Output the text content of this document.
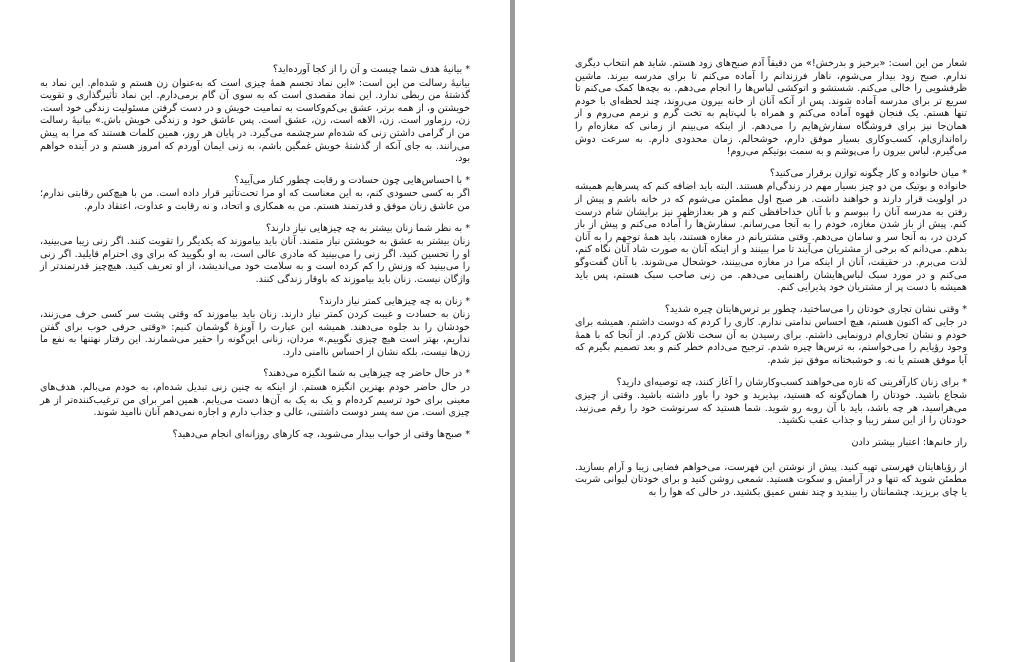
* بیانیهٔ هدف شما چیست و آن را از کجا آورده‌اید؟
بیانیهٔ رسالت من این است: «این نماد تجسم همهٔ چیزی است که به‌عنوان زن هستم و شده‌ام. این نماد به گذشتهٔ من ربطی ندارد. این نماد مقصدی است که به سوی آن گام برمی‌دارم. این نماد تأثیرگذاری و تقویت خویشتن و، از همه برتر، عشق بی‌کم‌وکاست به تمامیت خویش و در دست گرفتن مسئولیت زندگی خود است. زن، رزماور است. زن، الاهه است، زن، عشق است. پس عاشق خود و زندگی خویش باش.» بیانیهٔ رسالت من از گرامی داشتن زنی که شده‌ام سرچشمه می‌گیرد. در پایان هر روز، همین کلمات هستند که مرا به پیش می‌رانند. به جای آنکه از گذشتهٔ خویش غمگین باشم، به زنی ایمان آوردم که امروز هستم و در آینده خواهم بود.
* با احساس‌هایی چون حسادت و رقابت چطور کنار می‌آیید؟
اگر به کسی حسودی کنم، به این معناست که او مرا تحت‌تأثیر قرار داده است. من با هیچ‌کس رقابتی ندارم؛ من عاشق زنان موفق و قدرتمند هستم. من به همکاری و اتحاد، و نه رقابت و عداوت، اعتقاد دارم.
* به نظر شما زنان بیشتر به چه چیزهایی نیاز دارند؟
زنان بیشتر به عشق به خویشتن نیاز متمند. آنان باید بیاموزند که یکدیگر را تقویت کنند. اگر زنی زیبا می‌بینید، او را تحسین کنید. اگر زنی را می‌بینید که مادری عالی است، به او بگویید که برای وی احترام قایلید. اگر زنی را می‌بینید که وزنش را کم کرده است و به سلامت خود می‌اندیشد، از او تعریف کنید. هیچ‌چیز قدرتمندتر از واژگان نیست. زنان باید بیاموزند که باوقار زندگی کنند.
* زنان به چه چیزهایی کمتر نیاز دارند؟
زنان به حسادت و غیبت کردن کمتر نیاز دارند. زنان باید بیاموزند که وقتی پشت سر کسی حرف می‌زنند، خودشان را بد جلوه می‌دهند. همیشه این عبارت را آویزهٔ گوشمان کنیم: «وقتی حرفی خوب برای گفتن نداریم، بهتر است هیچ چیزی نگوییم.» مردان، زنانی این‌گونه را حقیر می‌شمارند. این رفتار نهتنها به نفع ما زن‌ها نیست، بلکه نشان از احساس ناامنی دارد.
* در حال حاضر چه چیزهایی به شما انگیزه می‌دهند؟
در حال حاضر خودم بهترین انگیزه هستم. از اینکه به چنین زنی تبدیل شده‌ام، به خودم می‌بالم. هدف‌های معینی برای خود ترسیم کرده‌ام و یک به یک به آن‌ها دست می‌یابم. همین امر برای من ترغیب‌کننده‌تر از هر چیزی است. من سه پسر دوست داشتنی، عالی و جذاب دارم و اجازه نمی‌دهم آنان ناامید شوند.
* صبح‌ها وقتی از خواب بیدار می‌شوید، چه کارهای روزانه‌ای انجام می‌دهید؟
شعار من این است: «برخیز و بدرخش!» من دقیقاً آدم صبح‌های زود هستم. شاید هم انتخاب دیگری ندارم. صبح زود بیدار می‌شوم، ناهار فرزندانم را آماده می‌کنم تا برای مدرسه بیرند. ماشین ظرفشویی را خالی می‌کنم. شستشو و اتوکشی لباس‌ها را انجام می‌دهم. به بچه‌ها کمک می‌کنم تا سریع تر برای مدرسه آماده شوند. پس از آنکه آنان از خانه بیرون می‌روند، چند لحظه‌ای با خودم تنها هستم. یک فنجان قهوه آماده می‌کنم و همراه با لپ‌تاپم به تخت گرم و نرمم می‌روم و از همان‌جا نیز برای فروشگاه سفارش‌هایم را می‌دهم. از اینکه می‌بینم از زمانی که مغازه‌ام را راه‌اندازی‌ام، کسب‌وکاری بسیار موفق دارم، خوشحالم. زمان محدودی دارم. به سرعت دوش می‌گیرم، لباس بیرون را می‌پوشم و به سمت بوتیکم می‌روم!
* میان خانواده و کار چگونه توازن برقرار می‌کنید؟
خانواده و بوتیک من دو چیز بسیار مهم در زندگی‌ام هستند. البته باید اضافه کنم که پسرهایم همیشه در اولویت قرار دارند و خواهند داشت. هر صبح اول مطمئن می‌شوم که در خانه باشم و پیش از رفتن به مدرسه آنان را ببوسم و با آنان خداحافظی کنم و هر بعدازظهر نیز برایشان شام درست کنم. پیش از باز شدن مغازه، خودم را به آنجا می‌رسانم. سفارش‌ها را آماده می‌کنم و پیش از باز کردن در، به آنجا سر و سامان می‌دهم. وقتی مشتریانم در مغازه هستند، باید همهٔ توجهم را به آنان بدهم. می‌دانم که برخی از مشتریان می‌آیند تا مرا ببینند و از اینکه آنان به صورت شاد آنان نگاه کنم، لذت می‌برم. در حقیقت، آنان از اینکه مرا در مغازه می‌بینند، خوشحال می‌شوند. با آنان گفت‌وگو می‌کنم و در مورد سبک لباس‌هایشان راهنمایی می‌دهم. من زنی صاحب سبک هستم، پس باید همیشه با دست پر از مشتریان خود پذیرایی کنم.
* وقتی نشان تجاری خودتان را می‌ساختید، چطور بر ترس‌هایتان چیره شدید؟
در جایی که اکنون هستم، هیچ احساس ندامتی ندارم. کاری را کردم که دوست داشتم. همیشه برای خودم و نشان تجاری‌ام درونمایی داشتم. برای رسیدن به آن سخت تلاش کردم. از آنجا که با همهٔ وجود رؤیایم را می‌خواستم، به ترس‌ها چیره شدم. ترجیح می‌دادم خطر کنم و بعد تصمیم بگیرم که آیا موفق هستم یا نه. و خوشبختانه موفق نیز شدم.
* برای زنان کارآفرینی که تازه می‌خواهند کسب‌وکارشان را آغاز کنند، چه توصیه‌ای دارید؟
شجاع باشید. خودتان را همان‌گونه که هستید، بپذیرید و خود را باور داشته باشید. وقتی از چیزی می‌هراسید، هر چه باشد، باید با آن روبه رو شوید. شما هستید که سرنوشت خود را رقم می‌زنید. خودتان را از این سفر زیبا و جذاب عقب نکشید.
راز خانم‌ها: اعتبار بیشتر دادن
از رؤیاهایتان فهرستی تهیه کنید. پیش از نوشتن این فهرست، می‌خواهم فضایی زیبا و آرام بسازید. مطمئن شوید که تنها و در آرامش و سکوت هستید. شمعی روشن کنید و برای خودتان لیوانی شربت یا چای بریزید. چشمانتان را ببندید و چند نفس عمیق بکشید. در حالی که هوا را به
